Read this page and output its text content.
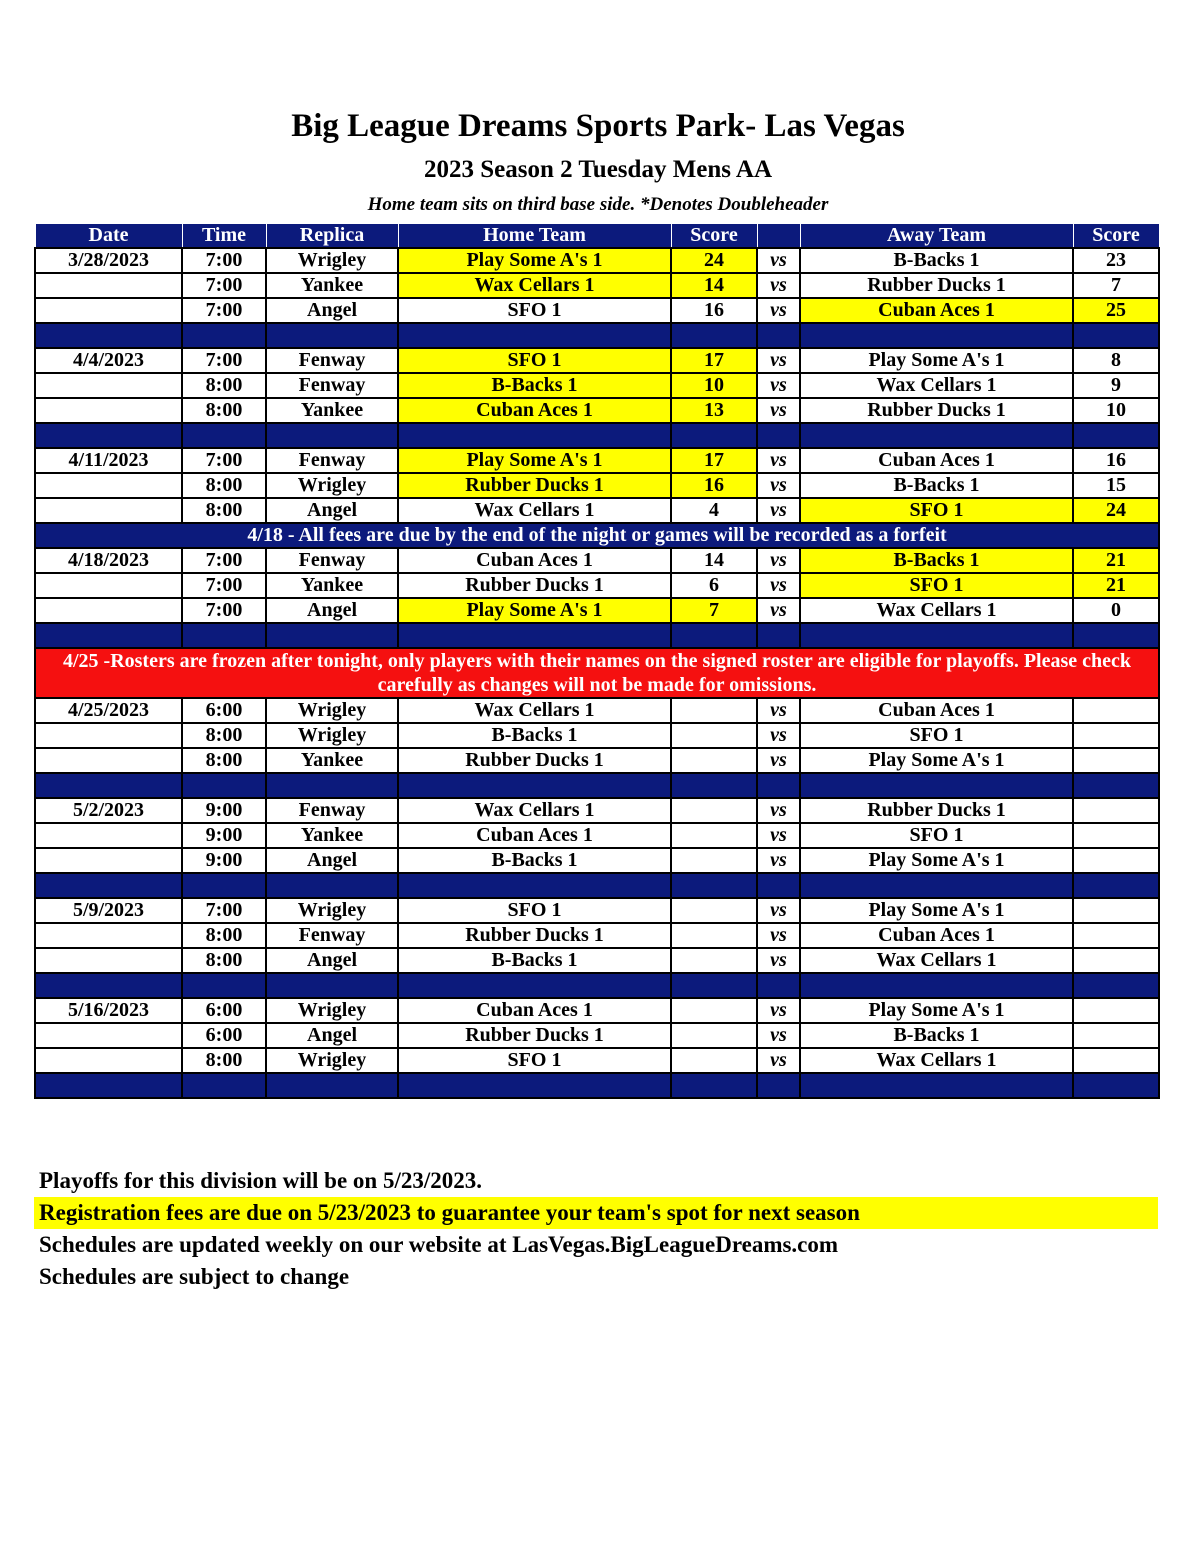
Big League Dreams Sports Park- Las Vegas
2023 Season 2 Tuesday Mens AA
Home team sits on third base side. *Denotes Doubleheader
Date	Time	Replica	Home Team	Score		Away Team	Score
3/28/2023	7:00	Wrigley	Play Some A's 1	24	vs	B-Backs 1	23
	7:00	Yankee	Wax Cellars 1	14	vs	Rubber Ducks 1	7
	7:00	Angel	SFO 1	16	vs	Cuban Aces 1	25

4/4/2023	7:00	Fenway	SFO 1	17	vs	Play Some A's 1	8
	8:00	Fenway	B-Backs 1	10	vs	Wax Cellars 1	9
	8:00	Yankee	Cuban Aces 1	13	vs	Rubber Ducks 1	10

4/11/2023	7:00	Fenway	Play Some A's 1	17	vs	Cuban Aces 1	16
	8:00	Wrigley	Rubber Ducks 1	16	vs	B-Backs 1	15
	8:00	Angel	Wax Cellars 1	4	vs	SFO 1	24
4/18 - All fees are due by the end of the night or games will be recorded as a forfeit							
4/18/2023	7:00	Fenway	Cuban Aces 1	14	vs	B-Backs 1	21
	7:00	Yankee	Rubber Ducks 1	6	vs	SFO 1	21
	7:00	Angel	Play Some A's 1	7	vs	Wax Cellars 1	0

4/25 -Rosters are frozen after tonight, only players with their names on the signed roster are eligible for playoffs. Please check carefully as changes will not be made for omissions.							
4/25/2023	6:00	Wrigley	Wax Cellars 1		vs	Cuban Aces 1	
	8:00	Wrigley	B-Backs 1		vs	SFO 1	
	8:00	Yankee	Rubber Ducks 1		vs	Play Some A's 1	

5/2/2023	9:00	Fenway	Wax Cellars 1		vs	Rubber Ducks 1	
	9:00	Yankee	Cuban Aces 1		vs	SFO 1	
	9:00	Angel	B-Backs 1		vs	Play Some A's 1	

5/9/2023	7:00	Wrigley	SFO 1		vs	Play Some A's 1	
	8:00	Fenway	Rubber Ducks 1		vs	Cuban Aces 1	
	8:00	Angel	B-Backs 1		vs	Wax Cellars 1	

5/16/2023	6:00	Wrigley	Cuban Aces 1		vs	Play Some A's 1	
	6:00	Angel	Rubber Ducks 1		vs	B-Backs 1	
	8:00	Wrigley	SFO 1		vs	Wax Cellars 1	

Playoffs for this division will be on 5/23/2023.
Registration fees are due on 5/23/2023 to guarantee your team's spot for next season
Schedules are updated weekly on our website at LasVegas.BigLeagueDreams.com
Schedules are subject to change
